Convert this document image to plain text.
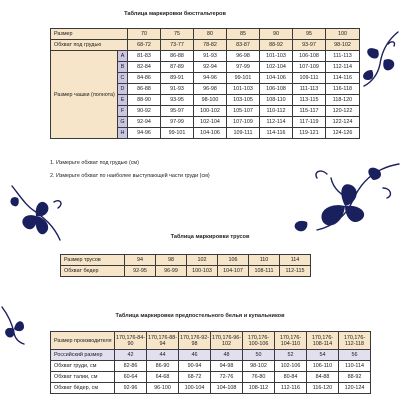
Таблица маркировки бюстгальтеров
Размер		70	75	80	85	90	95	100
Обхват под грудью		68-72	73-77	78-82	83-87	88-92	93-97	98-102
Размер чашки (полнота)	A	81-83	86-88	91-93	96-98	101-103	106-108	111-113
	B	82-84	87-89	92-94	97-99	102-104	107-109	112-114
	C	84-86	89-91	94-96	99-101	104-106	109-111	114-116
	D	86-88	91-93	96-98	101-103	106-108	111-113	116-118
	E	88-90	93-95	98-100	103-105	108-110	113-115	118-120
	F	90-92	95-97	100-102	105-107	110-112	115-117	120-122
	G	92-94	97-99	102-104	107-109	112-114	117-119	122-124
	H	94-96	99-101	104-106	109-111	114-116	119-121	124-126
1. Измерьте обхват под грудью (см)
2. Измерьте обхват по наиболее выступающей части груди (см)
Таблица маркировки трусов
Размер трусов	94	98	102	106	110	114
Обхват бедер	92-95	96-99	100-103	104-107	108-111	112-115
Таблица маркировки предпостельного белья и купальников
Размер производителя	170,176-84-90	170,176-88-94	170,176-92-98	170,176-96-102	170,176-100-106	170,176-104-110	170,176-108-114	170,176-112-118
Российский размер	42	44	46	48	50	52	54	56
Обхват груди, см	82-86	86-90	90-94	94-98	98-102	102-106	106-110	110-114
Обхват талии, см	60-64	64-68	68-72	72-76	76-80	80-84	84-88	88-92
Обхват бёдер, см	92-96	96-100	100-104	104-108	108-112	112-116	116-120	120-124
